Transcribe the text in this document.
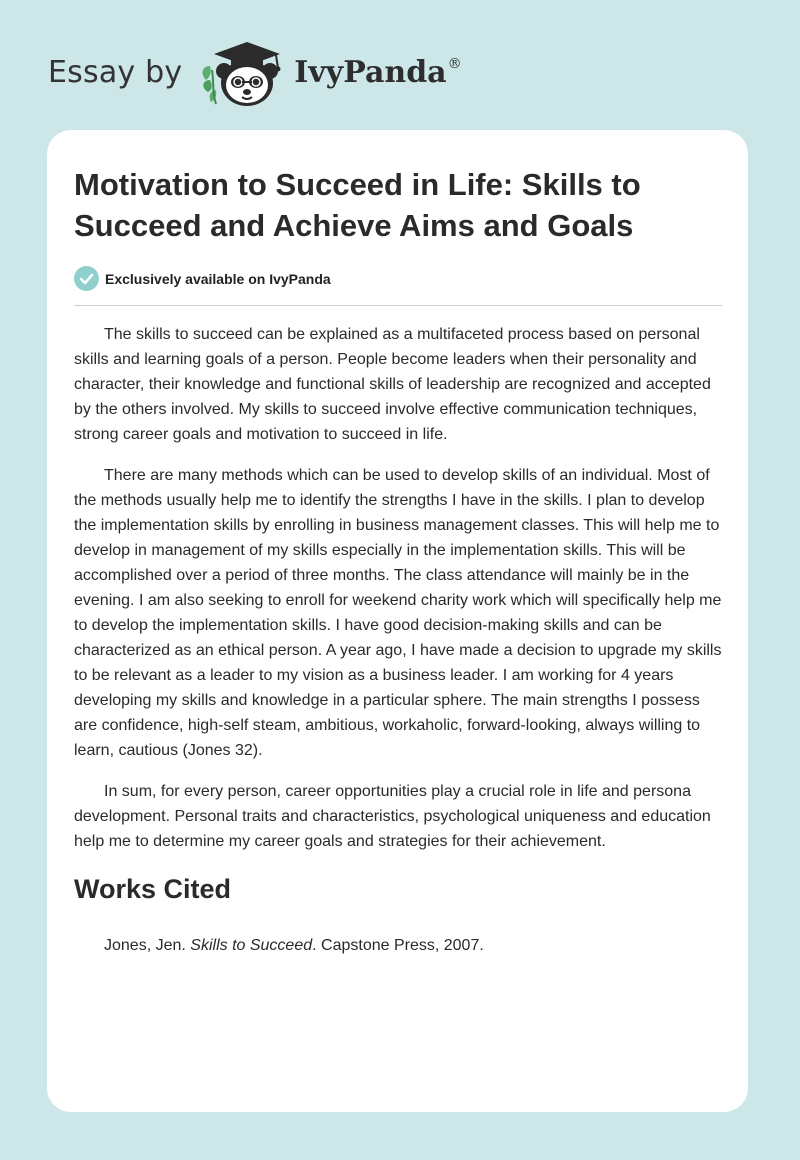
Essay by	IvyPanda®
Motivation to Succeed in Life: Skills to Succeed and Achieve Aims and Goals
Exclusively available on IvyPanda

The skills to succeed can be explained as a multifaceted process based on personal skills and learning goals of a person. People become leaders when their personality and character, their knowledge and functional skills of leadership are recognized and accepted by the others involved. My skills to succeed involve effective communication techniques, strong career goals and motivation to succeed in life.

There are many methods which can be used to develop skills of an individual. Most of the methods usually help me to identify the strengths I have in the skills. I plan to develop the implementation skills by enrolling in business management classes. This will help me to develop in management of my skills especially in the implementation skills. This will be accomplished over a period of three months. The class attendance will mainly be in the evening. I am also seeking to enroll for weekend charity work which will specifically help me to develop the implementation skills. I have good decision-making skills and can be characterized as an ethical person. A year ago, I have made a decision to upgrade my skills to be relevant as a leader to my vision as a business leader. I am working for 4 years developing my skills and knowledge in a particular sphere. The main strengths I possess are confidence, high-self steam, ambitious, workaholic, forward-looking, always willing to learn, cautious (Jones 32).

In sum, for every person, career opportunities play a crucial role in life and persona development. Personal traits and characteristics, psychological uniqueness and education help me to determine my career goals and strategies for their achievement.

Works Cited

Jones, Jen. Skills to Succeed. Capstone Press, 2007.
